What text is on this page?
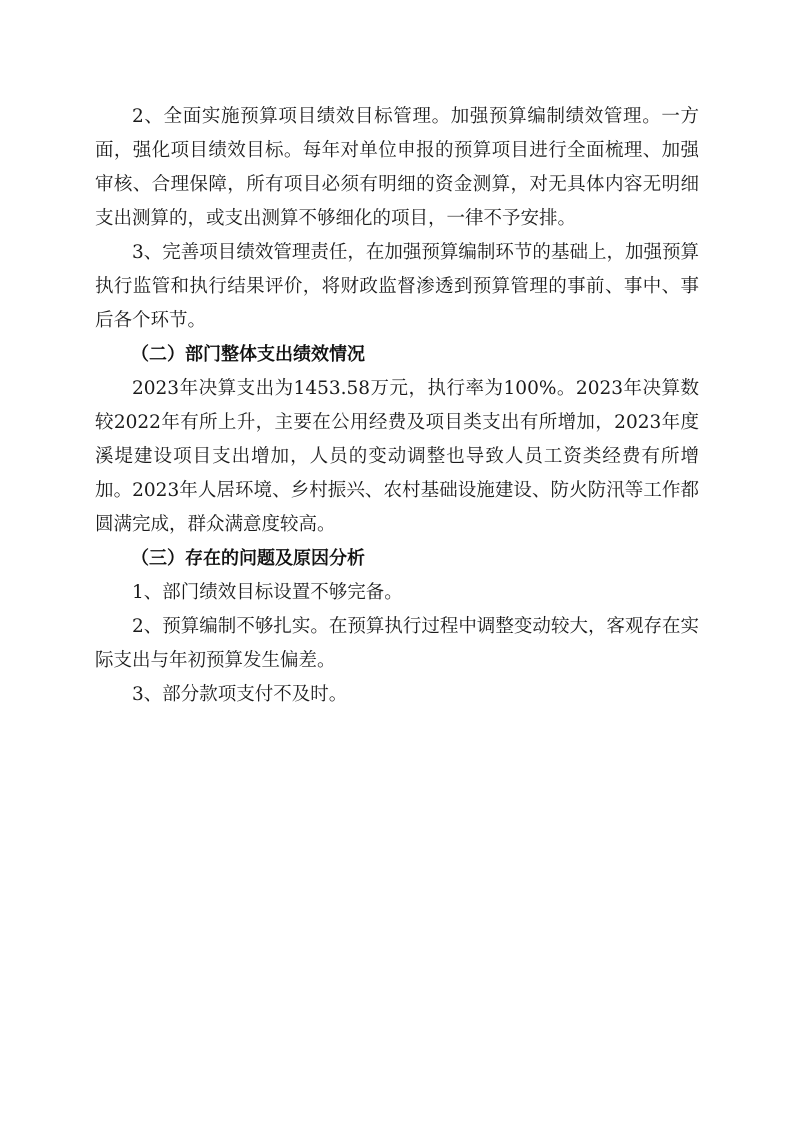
2、全面实施预算项目绩效目标管理。加强预算编制绩效管理。一方面，强化项目绩效目标。每年对单位申报的预算项目进行全面梳理、加强审核、合理保障，所有项目必须有明细的资金测算，对无具体内容无明细支出测算的，或支出测算不够细化的项目，一律不予安排。

3、完善项目绩效管理责任，在加强预算编制环节的基础上，加强预算执行监管和执行结果评价，将财政监督渗透到预算管理的事前、事中、事后各个环节。

（二）部门整体支出绩效情况

2023年决算支出为1453.58万元，执行率为100%。2023年决算数较2022年有所上升，主要在公用经费及项目类支出有所增加，2023年度溪堤建设项目支出增加，人员的变动调整也导致人员工资类经费有所增加。2023年人居环境、乡村振兴、农村基础设施建设、防火防汛等工作都圆满完成，群众满意度较高。

（三）存在的问题及原因分析

1、部门绩效目标设置不够完备。

2、预算编制不够扎实。在预算执行过程中调整变动较大，客观存在实际支出与年初预算发生偏差。

3、部分款项支付不及时。
